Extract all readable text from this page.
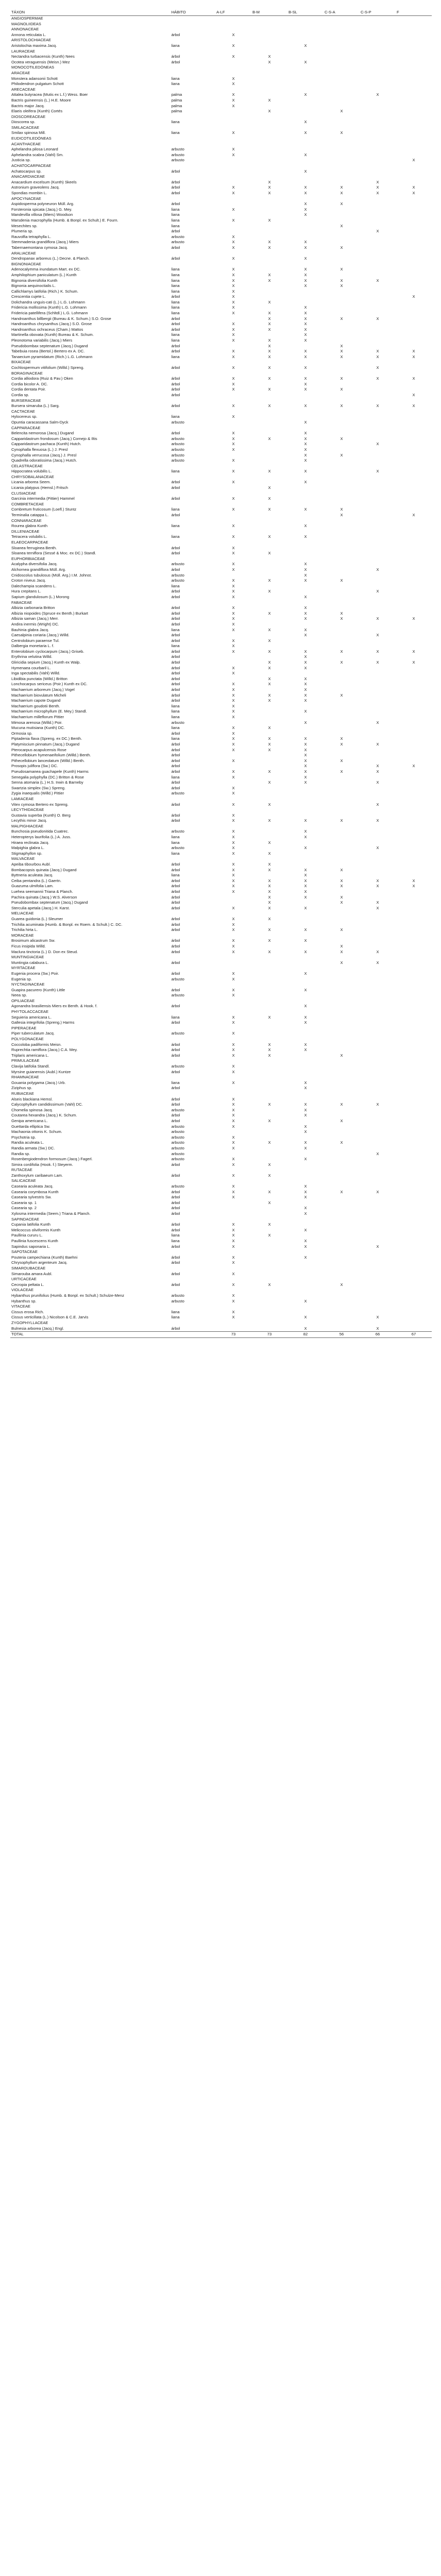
TÁXON	HÁBITO	A-LF	B-M	B-SL	C-S-A	C-S-P	F
ANGIOSPERMAE							
MAGNOLIIDEAS							
ANNONACEAE							
Annona reticulata L.	árbol	X					
ARISTOLOCHIACEAE							
Aristolochia maxima Jacq.	liana	X		X			
LAURACEAE							
Nectandra turbacensis (Kunth) Nees	árbol	X	X				
Ocotea veraguensis (Meisn.) Mez	árbol		X	X			
MONOCOTILEDÓNEAS							
ARACEAE							
Monstera adansonii Schott	liana	X					
Philodendron pulgatum Schott	liana	X					
ARECACEAE							
Attalea butyracea (Mutis ex L.f.) Wess. Boer	palma	X		X		X	
Bactris guineensis (L.) H.E. Moore	palma	X	X				
Bactris major Jacq.	palma	X					
Elaeis oleifera (Kunth) Cortés	palma		X		X		
DIOSCOREACEAE							
Dioscorea sp.	liana			X			
SMILACACEAE							
Smilax spinosa Mill.	liana	X		X	X		
EUDICOTILEDÓNEAS							
ACANTHACEAE							
Aphelandra pilosa Leonard	arbusto	X					
Aphelandra scabra (Vahl) Sm.	arbusto	X		X			
Justicia sp.	arbusto						X
ACHATOCARPACEAE							
Achatocarpus sp.	árbol			X			
ANACARDIACEAE							
Anacardium excelsum (Kunth) Skeels	árbol		X			X	
Astronium graveolens Jacq.	árbol	X	X	X	X	X	X
Spondias mombin L.	árbol	X	X	X	X	X	X
APOCYNACEAE							
Aspidosperma polyneuron Müll. Arg.	árbol			X	X		
Forsteronia spicata (Jacq.) G. Mey.	liana	X		X			
Mandevilla villosa (Miers) Woodson	liana			X			
Marsdenia macrophylla (Humb. & Bonpl. ex Schult.) E. Fourn.	liana	X	X				
Mesechites sp.	liana				X		
Plumeria sp.	árbol					X	
Rauvolfia tetraphylla L.	arbusto	X					
Stemmadenia grandiflora (Jacq.) Miers	arbusto	X	X	X			
Tabernaemontana cymosa Jacq.	árbol	X	X	X	X		
ARALIACEAE							
Dendropanax arboreus (L.) Decne. & Planch.	árbol	X		X			
BIGNONIACEAE							
Adenocalymma inundatum Mart. ex DC.	liana	X		X	X		
Amphilophium paniculatum (L.) Kunth	liana	X	X	X			
Bignonia diversifolia Kunth	liana	X	X	X	X	X	
Bignonia aequinoctialis L.	liana	X		X	X		
Callichlamys latifolia (Rich.) K. Schum.	liana	X					
Crescentia cujete L.	árbol	X					X
Dolichandra unguis-cati (L.) L.G. Lohmann	liana	X	X				
Fridericia mollissima (Kunth) L.G. Lohmann	liana	X		X			
Fridericia patellifera (Schltdl.) L.G. Lohmann	liana	X	X	X			
Handroanthus billbergii (Bureau & K. Schum.) S.O. Grose	árbol		X	X	X	X	
Handroanthus chrysanthus (Jacq.) S.O. Grose	árbol	X	X	X			
Handroanthus ochraceus (Cham.) Mattos	árbol	X	X	X			
Martinella obovata (Kunth) Bureau & K. Schum.	liana	X		X			
Pleonotoma variabilis (Jacq.) Miers	liana	X	X	X			
Pseudobombax septenatum (Jacq.) Dugand	árbol		X		X		
Tabebuia rosea (Bertol.) Bertero ex A. DC.	árbol	X	X	X	X	X	X
Tanaecium pyramidatum (Rich.) L.G. Lohmann	liana	X	X	X	X	X	X
BIXACEAE							
Cochlospermum vitifolium (Willd.) Spreng.	árbol	X	X	X		X	
BORAGINACEAE							
Cordia alliodora (Ruiz & Pav.) Oken	árbol	X	X	X	X	X	X
Cordia bicolor A. DC.	árbol	X		X			
Cordia dentata Poir.	árbol	X	X	X	X		
Cordia sp.	árbol						X
BURSERACEAE							
Bursera simaruba (L.) Sarg.	árbol	X	X	X	X	X	X
CACTACEAE							
Hylocereus sp.	liana	X					
Opuntia caracassana Salm-Dyck	arbusto			X			
CAPPARACEAE							
Belencita nemorosa (Jacq.) Dugand	árbol	X		X			
Capparidastrum frondosum (Jacq.) Cornejo & Iltis	arbusto	X	X	X	X		
Capparidastrum pachaca (Kunth) Hutch.	arbusto	X		X		X	
Cynophalla flexuosa (L.) J. Presl	arbusto	X		X			
Cynophalla verrucosa (Jacq.) J. Presl	arbusto			X	X		
Quadrella odoratissima (Jacq.) Hutch.	arbusto	X		X			
CELASTRACEAE							
Hippocratea volubilis L.	liana	X	X	X		X	
CHRYSOBALANACEAE							
Licania arborea Seem.	árbol	X		X			
Licania platypus (Hemsl.) Fritsch	árbol		X				
CLUSIACEAE							
Garcinia intermedia (Pittier) Hammel	árbol	X	X				
COMBRETACEAE							
Combretum fruticosum (Loefl.) Stuntz	liana	X	X	X	X		
Terminalia catappa L.	árbol				X		X
CONNARACEAE							
Rourea glabra Kunth	liana	X		X			
DILLENIACEAE							
Tetracera volubilis L.	liana	X	X	X			
ELAEOCARPACEAE							
Sloanea ferruginea Benth.	árbol	X					
Sloanea terniflora (Sessé & Moc. ex DC.) Standl.	árbol	X	X				
EUPHORBIACEAE							
Acalypha diversifolia Jacq.	arbusto	X		X			
Alchornea grandiflora Müll. Arg.	árbol	X		X		X	
Cnidoscolus tubulosus (Müll. Arg.) I.M. Johnst.	arbusto			X			
Croton niveus Jacq.	arbusto	X	X	X	X		
Dalechampia scandens L.	liana	X					
Hura crepitans L.	árbol	X	X			X	
Sapium glandulosum (L.) Morong	árbol	X		X			
FABACEAE							
Albizia carbonaria Britton	árbol	X		X			
Albizia niopoides (Spruce ex Benth.) Burkart	árbol	X	X	X	X		
Albizia saman (Jacq.) Merr.	árbol	X		X	X	X	X
Andira inermis (Wright) DC.	árbol	X					
Bauhinia glabra Jacq.	liana	X	X	X			
Caesalpinia coriaria (Jacq.) Willd.	árbol			X		X	
Centrolobium paraense Tul.	árbol	X	X				
Dalbergia monetaria L. f.	liana	X					
Enterolobium cyclocarpum (Jacq.) Griseb.	árbol	X	X	X	X	X	X
Erythrina velutina Willd.	árbol			X			
Gliricidia sepium (Jacq.) Kunth ex Walp.	árbol		X	X	X	X	X
Hymenaea courbaril L.	árbol	X	X	X			
Inga spectabilis (Vahl) Willd.	árbol	X					
Libidibia punctata (Willd.) Britton	árbol		X	X			
Lonchocarpus sericeus (Poir.) Kunth ex DC.	árbol	X	X	X			
Machaerium arboreum (Jacq.) Vogel	árbol	X		X			
Machaerium biovulatum Micheli	árbol	X	X	X	X		
Machaerium capote Dugand	árbol	X	X	X			
Machaerium goudotii Benth.	liana	X					
Machaerium microphyllum (E. Mey.) Standl.	liana	X		X			
Machaerium milleflorum Pittier	liana	X					
Mimosa arenosa (Willd.) Poir.	arbusto			X		X	
Mucuna mutisiana (Kunth) DC.	liana	X	X				
Ormosia sp.	árbol	X					
Piptadenia flava (Spreng. ex DC.) Benth.	liana	X	X	X	X		
Platymiscium pinnatum (Jacq.) Dugand	árbol	X	X	X	X	X	
Pterocarpus acapulcensis Rose	árbol	X	X	X			
Pithecellobium hymenaeifolium (Willd.) Benth.	árbol			X			
Pithecellobium lanceolatum (Willd.) Benth.	árbol	X		X	X		
Prosopis juliflora (Sw.) DC.	árbol			X		X	X
Pseudosamanea guachapele (Kunth) Harms	árbol	X	X	X	X	X	
Senegalia polyphylla (DC.) Britton & Rose	liana	X		X			
Senna atomaria (L.) H.S. Irwin & Barneby	árbol		X	X		X	
Swartzia simplex (Sw.) Spreng.	árbol	X					
Zygia inaequalis (Willd.) Pittier	arbusto	X					
LAMIACEAE							
Vitex cymosa Bertero ex Spreng.	árbol	X	X			X	
LECYTHIDACEAE							
Gustavia superba (Kunth) O. Berg	árbol	X					
Lecythis minor Jacq.	árbol	X	X	X	X	X	
MALPIGHIACEAE							
Bunchosia pseudonitida Cuatrec.	arbusto	X		X			
Heteropterys laurifolia (L.) A. Juss.	liana	X		X			
Hiraea reclinata Jacq.	liana	X	X				
Malpighia glabra L.	arbusto	X		X		X	
Stigmaphyllon sp.	liana	X	X				
MALVACEAE							
Apeiba tibourbou Aubl.	árbol	X	X				
Bombacopsis quinata (Jacq.) Dugand	árbol	X	X	X	X		
Byttneria aculeata Jacq.	liana	X		X			
Ceiba pentandra (L.) Gaertn.	árbol	X	X	X	X	X	X
Guazuma ulmifolia Lam.	árbol	X	X	X	X	X	X
Luehea seemannii Triana & Planch.	árbol	X	X	X			
Pachira quinata (Jacq.) W.S. Alverson	árbol		X	X	X		
Pseudobombax septenatum (Jacq.) Dugand	árbol		X		X	X	
Sterculia apetala (Jacq.) H. Karst.	árbol	X	X	X		X	
MELIACEAE							
Guarea guidonia (L.) Sleumer	árbol	X	X				
Trichilia acuminata (Humb. & Bonpl. ex Roem. & Schult.) C. DC.	árbol	X					
Trichilia hirta L.	árbol	X	X	X	X		
MORACEAE							
Brosimum alicastrum Sw.	árbol	X	X	X			
Ficus insipida Willd.	árbol	X			X		
Maclura tinctoria (L.) D. Don ex Steud.	árbol	X	X	X	X	X	
MUNTINGIACEAE							
Muntingia calabura L.	árbol				X	X	
MYRTACEAE							
Eugenia procera (Sw.) Poir.	árbol	X		X			
Eugenia sp.	arbusto	X					
NYCTAGINACEAE							
Guapira pacurero (Kunth) Little	árbol	X		X			
Neea sp.	arbusto	X					
OPILIACEAE							
Agonandra brasiliensis Miers ex Benth. & Hook. f.	árbol			X			
PHYTOLACCACEAE							
Seguieria americana L.	liana	X	X	X			
Gallesia integrifolia (Spreng.) Harms	árbol	X		X			
PIPERACEAE							
Piper tuberculatum Jacq.	arbusto	X					
POLYGONACEAE							
Coccoloba padiformis Meisn.	árbol	X	X	X			
Ruprechtia ramiflora (Jacq.) C.A. Mey.	árbol	X	X	X			
Triplaris americana L.	árbol	X	X		X		
PRIMULACEAE							
Clavija latifolia Standl.	arbusto	X					
Myrsine guianensis (Aubl.) Kuntze	árbol	X					
RHAMNACEAE							
Gouania polygama (Jacq.) Urb.	liana	X		X			
Ziziphus sp.	árbol			X			
RUBIACEAE							
Alseis blackiana Hemsl.	árbol	X					
Calycophyllum candidissimum (Vahl) DC.	árbol	X	X	X	X	X	
Chomelia spinosa Jacq.	arbusto	X		X			
Coutarea hexandra (Jacq.) K. Schum.	árbol	X		X			
Genipa americana L.	árbol	X	X		X		
Guettarda elliptica Sw.	arbusto	X		X			
Machaonia ottonis K. Schum.	arbusto			X			
Psychotria sp.	arbusto	X					
Randia aculeata L.	arbusto	X	X	X	X		
Randia armata (Sw.) DC.	arbusto	X		X			
Randia sp.	arbusto					X	
Rosenbergiodendron formosum (Jacq.) Fagerl.	arbusto	X		X			
Simira cordifolia (Hook. f.) Steyerm.	árbol	X	X				
RUTACEAE							
Zanthoxylum caribaeum Lam.	árbol	X	X				
SALICACEAE							
Casearia aculeata Jacq.	arbusto	X		X			
Casearia corymbosa Kunth	árbol	X	X	X	X	X	
Casearia sylvestris Sw.	árbol	X		X			
Casearia sp. 1	árbol		X				
Casearia sp. 2	árbol			X			
Xylosma intermedia (Seem.) Triana & Planch.	árbol			X			
SAPINDACEAE							
Cupania latifolia Kunth	árbol	X	X				
Melicoccus oliviformis Kunth	árbol	X		X			
Paullinia cururu L.	liana	X	X				
Paullinia fuscescens Kunth	liana	X		X			
Sapindus saponaria L.	árbol	X		X		X	
SAPOTACEAE							
Pouteria campechiana (Kunth) Baehni	árbol	X		X			
Chrysophyllum argenteum Jacq.	árbol	X					
SIMAROUBACEAE							
Simarouba amara Aubl.	árbol	X					
URTICACEAE							
Cecropia peltata L.	árbol	X	X		X		
VIOLACEAE							
Hybanthus prunifolius (Humb. & Bonpl. ex Schult.) Schulze-Menz	arbusto	X					
Hybanthus sp.	arbusto	X		X			
VITACEAE							
Cissus erosa Rich.	liana	X					
Cissus verticillata (L.) Nicolson & C.E. Jarvis	liana	X		X		X	
ZYGOPHYLLACEAE							
Bulnesia arborea (Jacq.) Engl.	árbol			X		X	
TOTAL		73	73	82	56	66	67
